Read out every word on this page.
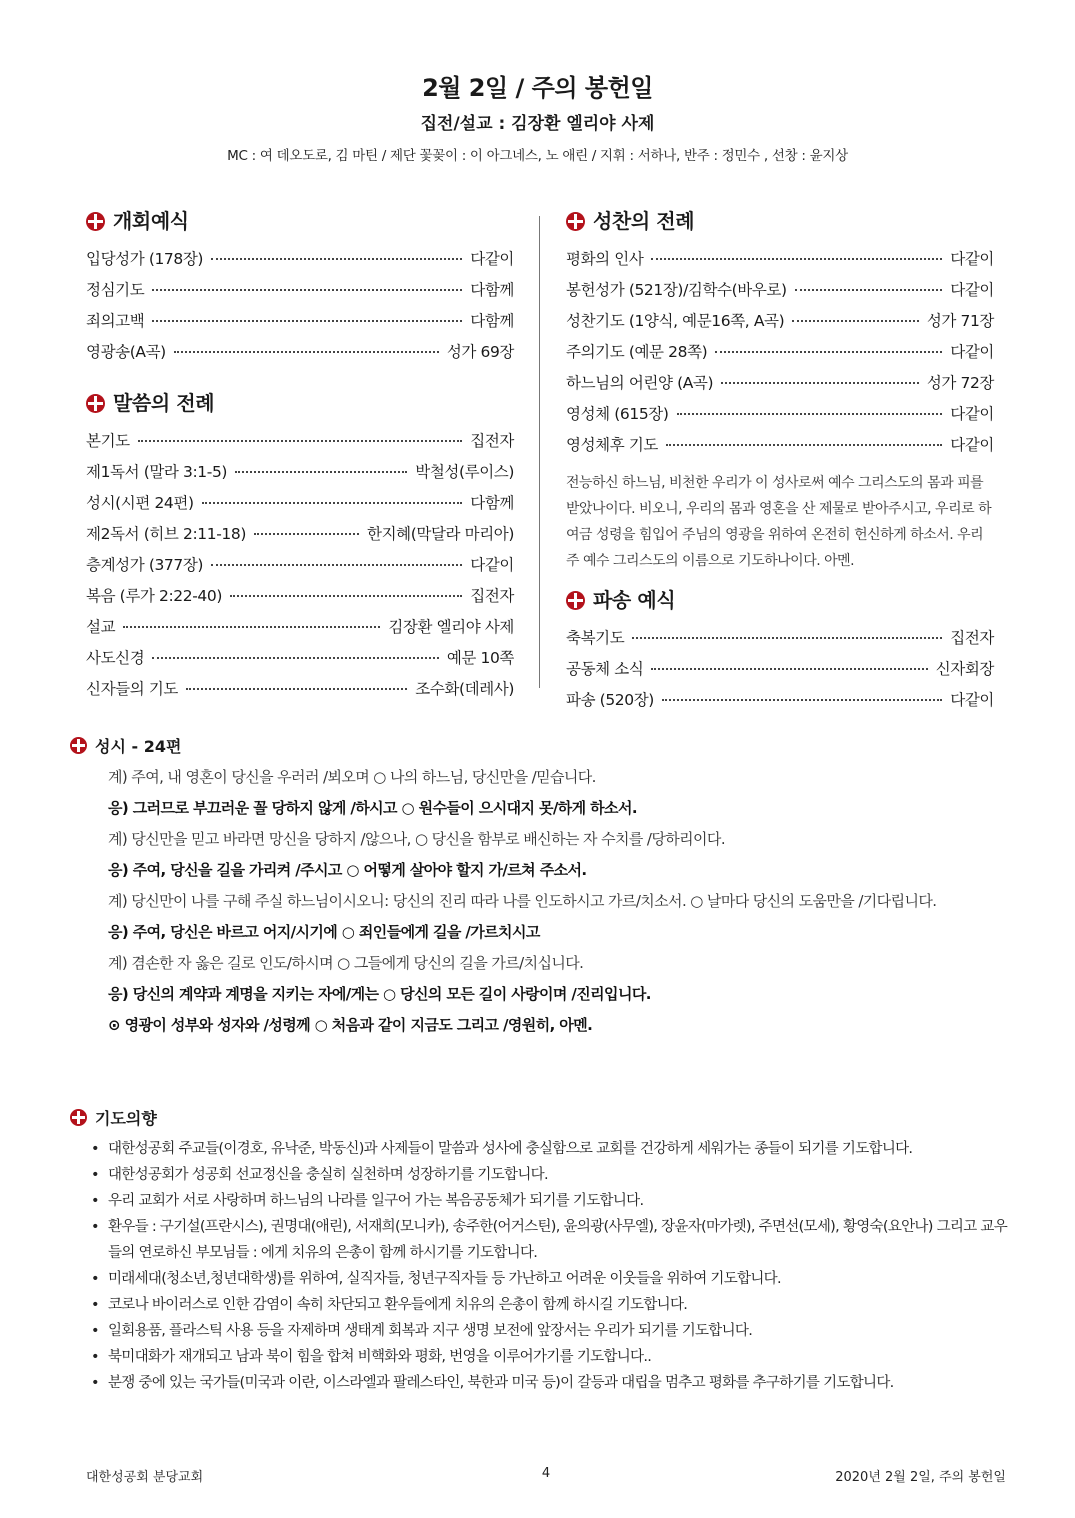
2월 2일 / 주의 봉헌일
집전/설교 : 김장환 엘리야 사제
MC : 여 데오도로, 김 마틴 / 제단 꽃꽂이 : 이 아그네스, 노 애린 / 지휘 : 서하나, 반주 : 정민수 , 선창 : 윤지상
개회예식
입당성가 (178장)	다같이
정심기도	다함께
죄의고백	다함께
영광송(A곡)	성가 69장
말씀의 전례
본기도	집전자
제1독서 (말라 3:1-5)	박철성(루이스)
성시(시편 24편)	다함께
제2독서 (히브 2:11-18)	한지혜(막달라 마리아)
층계성가 (377장)	다같이
복음 (루가 2:22-40)	집전자
설교	김장환 엘리야 사제
사도신경	예문 10쪽
신자들의 기도	조수화(데레사)
성찬의 전례
평화의 인사	다같이
봉헌성가 (521장)/김학수(바우로)	다같이
성찬기도 (1양식, 예문16쪽, A곡)	성가 71장
주의기도 (예문 28쪽)	다같이
하느님의 어린양 (A곡)	성가 72장
영성체 (615장)	다같이
영성체후 기도	다같이
전능하신 하느님, 비천한 우리가 이 성사로써 예수 그리스도의 몸과 피를 받았나이다. 비오니, 우리의 몸과 영혼을 산 제물로 받아주시고, 우리로 하여금 성령을 힘입어 주님의 영광을 위하여 온전히 헌신하게 하소서. 우리 주 예수 그리스도의 이름으로 기도하나이다. 아멘.
파송 예식
축복기도	집전자
공동체 소식	신자회장
파송 (520장)	다같이
성시 - 24편
계) 주여, 내 영혼이 당신을 우러러 /뵈오며 ○ 나의 하느님, 당신만을 /믿습니다.
응) 그러므로 부끄러운 꼴 당하지 않게 /하시고 ○ 원수들이 으시대지 못/하게 하소서.
계) 당신만을 믿고 바라면 망신을 당하지 /않으나, ○ 당신을 함부로 배신하는 자 수치를 /당하리이다.
응) 주여, 당신을 길을 가리켜 /주시고 ○ 어떻게 살아야 할지 가/르쳐 주소서.
계) 당신만이 나를 구해 주실 하느님이시오니: 당신의 진리 따라 나를 인도하시고 가르/치소서. ○ 날마다 당신의 도움만을 /기다립니다.
응) 주여, 당신은 바르고 어지/시기에 ○ 죄인들에게 길을 /가르치시고
계) 겸손한 자 옳은 길로 인도/하시며 ○ 그들에게 당신의 길을 가르/치십니다.
응) 당신의 계약과 계명을 지키는 자에/게는 ○ 당신의 모든 길이 사랑이며 /진리입니다.
⊙ 영광이 성부와 성자와 /성령께 ○ 처음과 같이 지금도 그리고 /영원히, 아멘.
기도의향
• 대한성공회 주교들(이경호, 유낙준, 박동신)과 사제들이 말씀과 성사에 충실함으로 교회를 건강하게 세워가는 종들이 되기를 기도합니다.
• 대한성공회가 성공회 선교정신을 충실히 실천하며 성장하기를 기도합니다.
• 우리 교회가 서로 사랑하며 하느님의 나라를 일구어 가는 복음공동체가 되기를 기도합니다.
• 환우들 : 구기설(프란시스), 권명대(애린), 서재희(모니카), 송주한(어거스틴), 윤의광(사무엘), 장윤자(마가렛), 주면선(모세), 황영숙(요안나) 그리고 교우들의 연로하신 부모님들 : 에게 치유의 은총이 함께 하시기를 기도합니다.
• 미래세대(청소년,청년대학생)를 위하여, 실직자들, 청년구직자들 등 가난하고 어려운 이웃들을 위하여 기도합니다.
• 코로나 바이러스로 인한 감염이 속히 차단되고 환우들에게 치유의 은총이 함께 하시길 기도합니다.
• 일회용품, 플라스틱 사용 등을 자제하며 생태계 회복과 지구 생명 보전에 앞장서는 우리가 되기를 기도합니다.
• 북미대화가 재개되고 남과 북이 힘을 합쳐 비핵화와 평화, 번영을 이루어가기를 기도합니다..
• 분쟁 중에 있는 국가들(미국과 이란, 이스라엘과 팔레스타인, 북한과 미국 등)이 갈등과 대립을 멈추고 평화를 추구하기를 기도합니다.
대한성공회 분당교회	4	2020년 2월 2일, 주의 봉헌일
